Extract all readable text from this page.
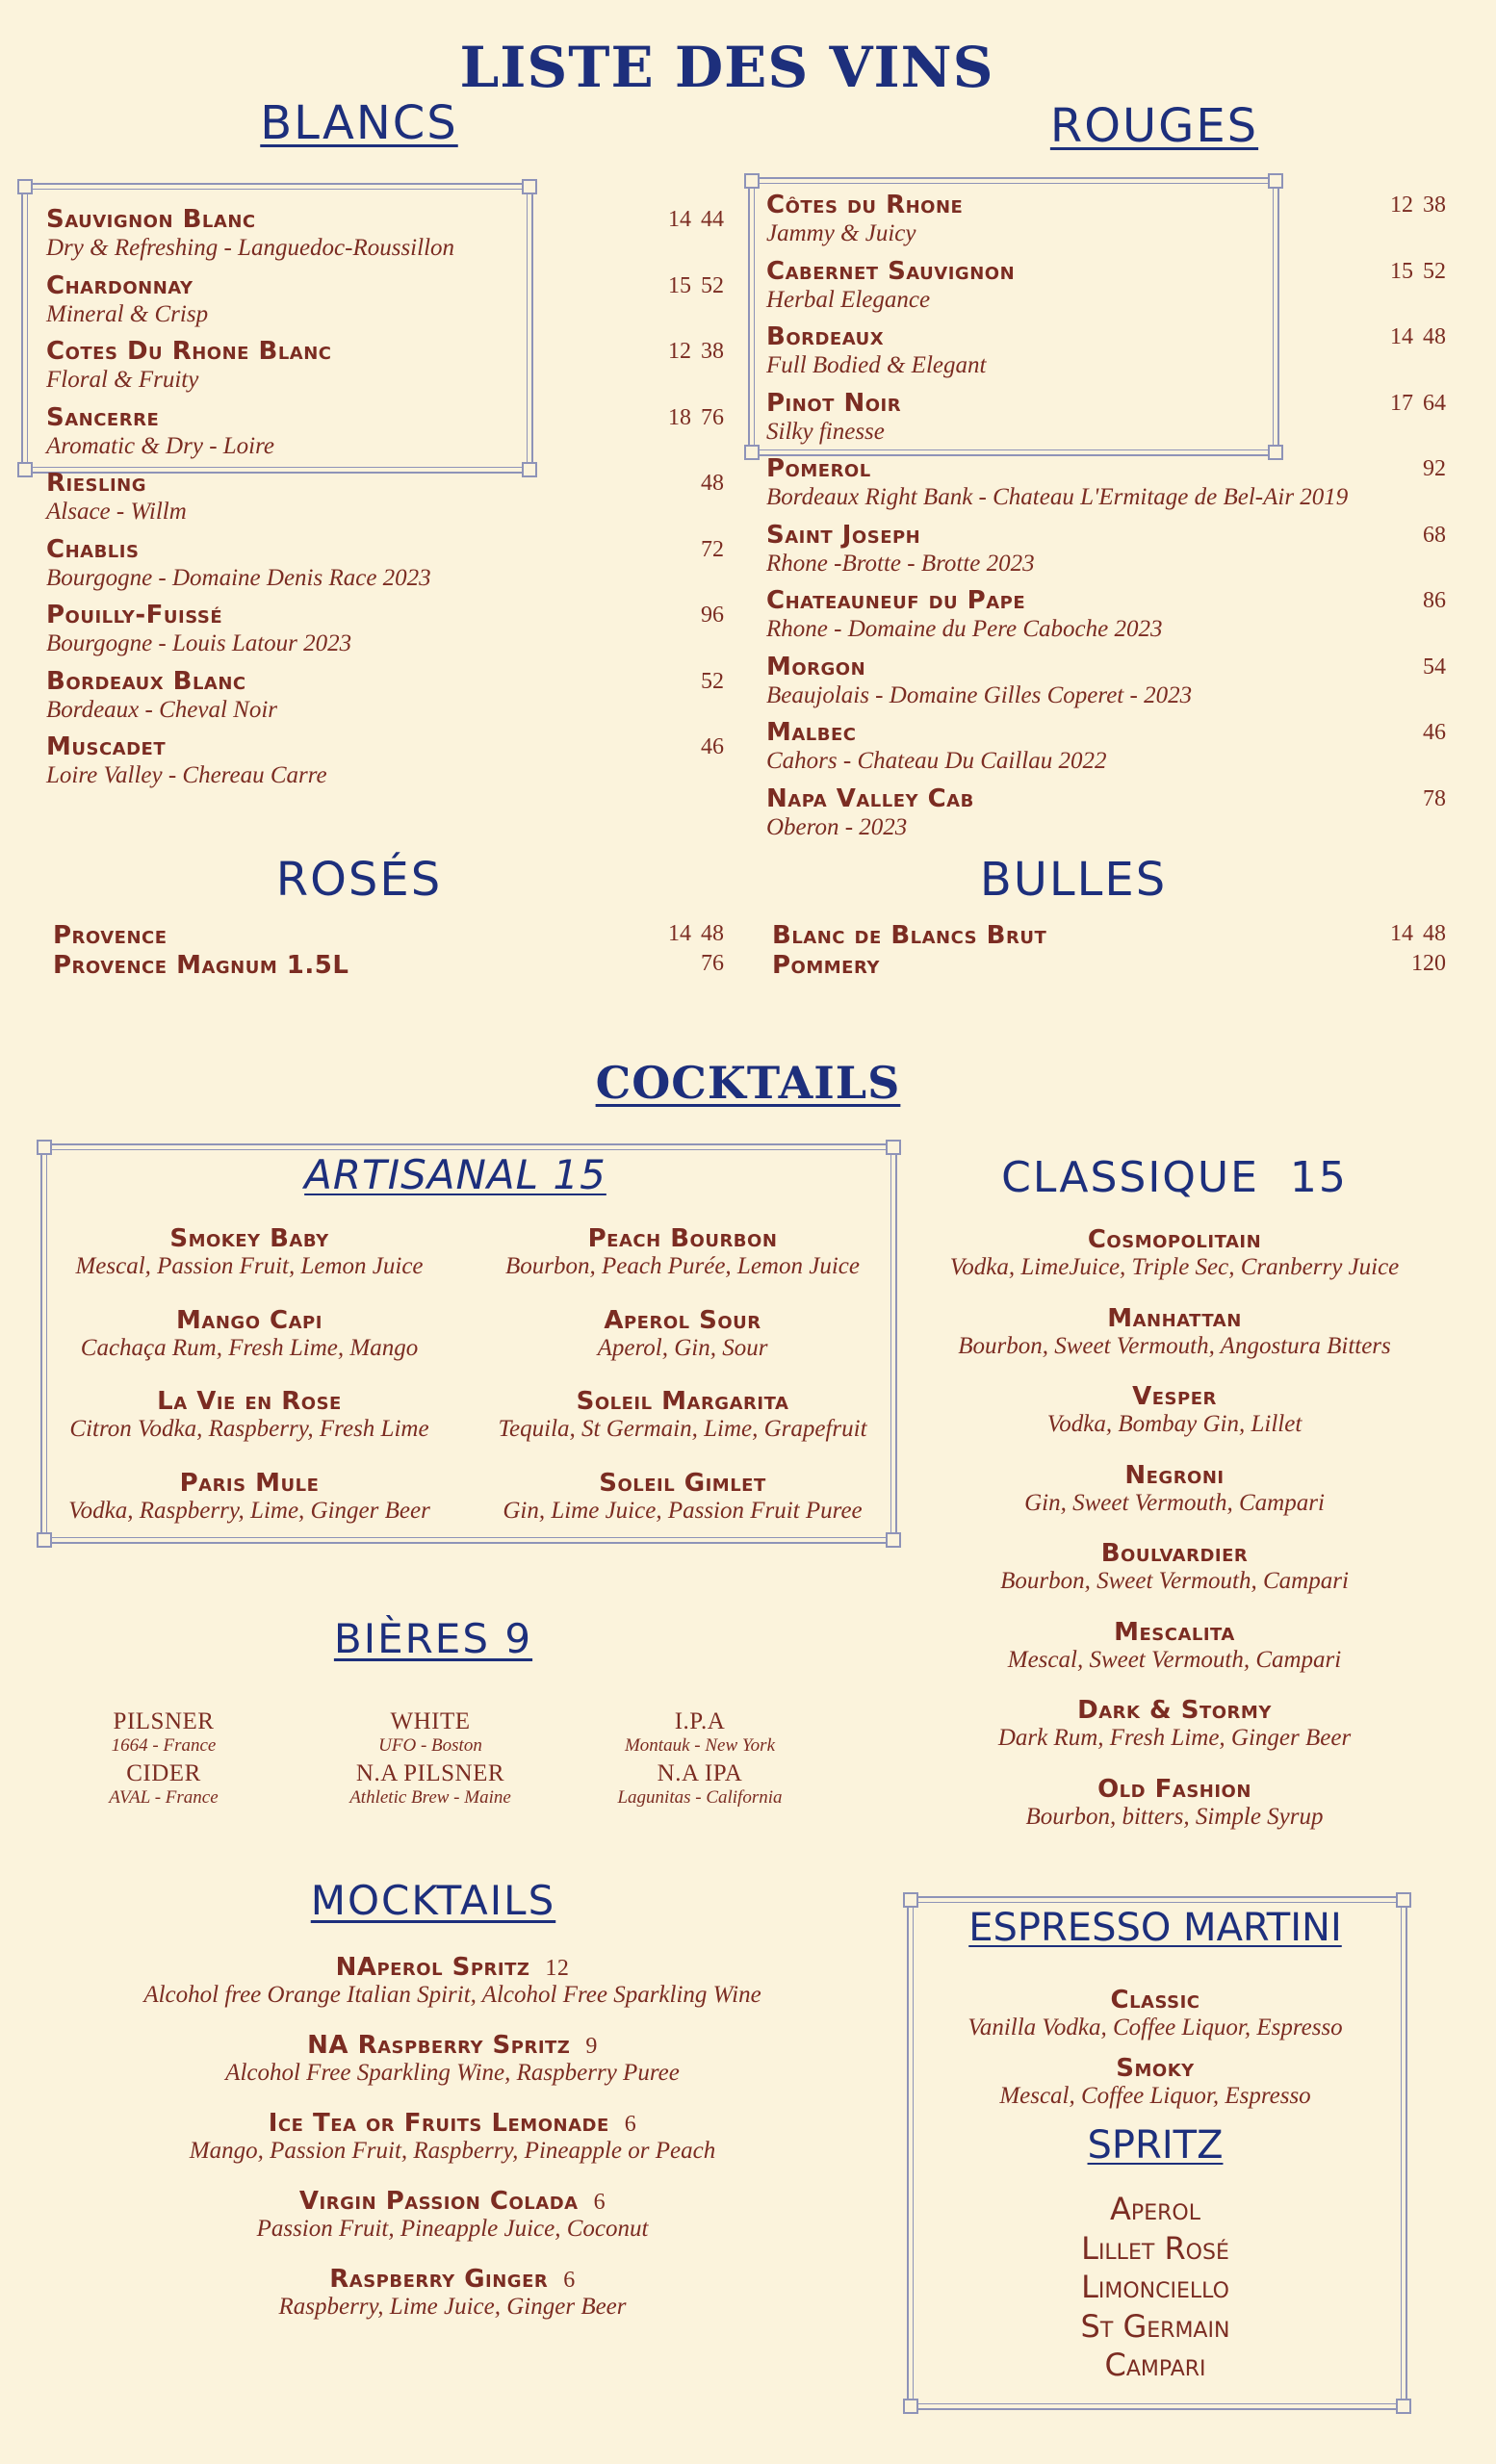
LISTE DES VINS
BLANCS
Sauvignon Blanc
Dry & Refreshing - Languedoc-Roussillon
14 44
Chardonnay
Mineral & Crisp
15 52
Cotes Du Rhone Blanc
Floral & Fruity
12 38
Sancerre
Aromatic & Dry - Loire
18 76
Riesling
Alsace - Willm
48
Chablis
Bourgogne - Domaine Denis Race 2023
72
Pouilly-Fuissé
Bourgogne - Louis Latour 2023
96
Bordeaux Blanc
Bordeaux - Cheval Noir
52
Muscadet
Loire Valley - Chereau Carre
46
ROUGES
Côtes du Rhone
Jammy & Juicy
12 38
Cabernet Sauvignon
Herbal Elegance
15 52
Bordeaux
Full Bodied & Elegant
14 48
Pinot Noir
Silky finesse
17 64
Pomerol
Bordeaux Right Bank - Chateau L'Ermitage de Bel-Air 2019
92
Saint Joseph
Rhone -Brotte - Brotte 2023
68
Chateauneuf du Pape
Rhone - Domaine du Pere Caboche 2023
86
Morgon
Beaujolais - Domaine Gilles Coperet - 2023
54
Malbec
Cahors - Chateau Du Caillau 2022
46
Napa Valley Cab
Oberon - 2023
78
ROSÉS
Provence	14 48
Provence Magnum 1.5L	76
BULLES
Blanc de Blancs Brut	14 48
Pommery	120
COCKTAILS
ARTISANAL 15
Smokey Baby
Mescal, Passion Fruit, Lemon Juice
Mango Capi
Cachaça Rum, Fresh Lime, Mango
La Vie en Rose
Citron Vodka, Raspberry, Fresh Lime
Paris Mule
Vodka, Raspberry, Lime, Ginger Beer
Peach Bourbon
Bourbon, Peach Purée, Lemon Juice
Aperol Sour
Aperol, Gin, Sour
Soleil Margarita
Tequila, St Germain, Lime, Grapefruit
Soleil Gimlet
Gin, Lime Juice, Passion Fruit Puree
CLASSIQUE  15
Cosmopolitain
Vodka, LimeJuice, Triple Sec, Cranberry Juice
Manhattan
Bourbon, Sweet Vermouth, Angostura Bitters
Vesper
Vodka, Bombay Gin, Lillet
Negroni
Gin, Sweet Vermouth, Campari
Boulvardier
Bourbon, Sweet Vermouth, Campari
Mescalita
Mescal, Sweet Vermouth, Campari
Dark & Stormy
Dark Rum, Fresh Lime, Ginger Beer
Old Fashion
Bourbon, bitters, Simple Syrup
BIÈRES 9
PILSNER
1664 - France
WHITE
UFO - Boston
I.P.A
Montauk - New York
CIDER
AVAL - France
N.A PILSNER
Athletic Brew - Maine
N.A IPA
Lagunitas - California
MOCKTAILS
NAperol Spritz 12
Alcohol free Orange Italian Spirit, Alcohol Free Sparkling Wine
NA Raspberry Spritz 9
Alcohol Free Sparkling Wine, Raspberry Puree
Ice Tea or Fruits Lemonade 6
Mango, Passion Fruit, Raspberry, Pineapple or Peach
Virgin Passion Colada 6
Passion Fruit, Pineapple Juice, Coconut
Raspberry Ginger 6
Raspberry, Lime Juice, Ginger Beer
ESPRESSO MARTINI
Classic
Vanilla Vodka, Coffee Liquor, Espresso
Smoky
Mescal, Coffee Liquor, Espresso
SPRITZ
Aperol
Lillet Rosé
Limonciello
St Germain
Campari
